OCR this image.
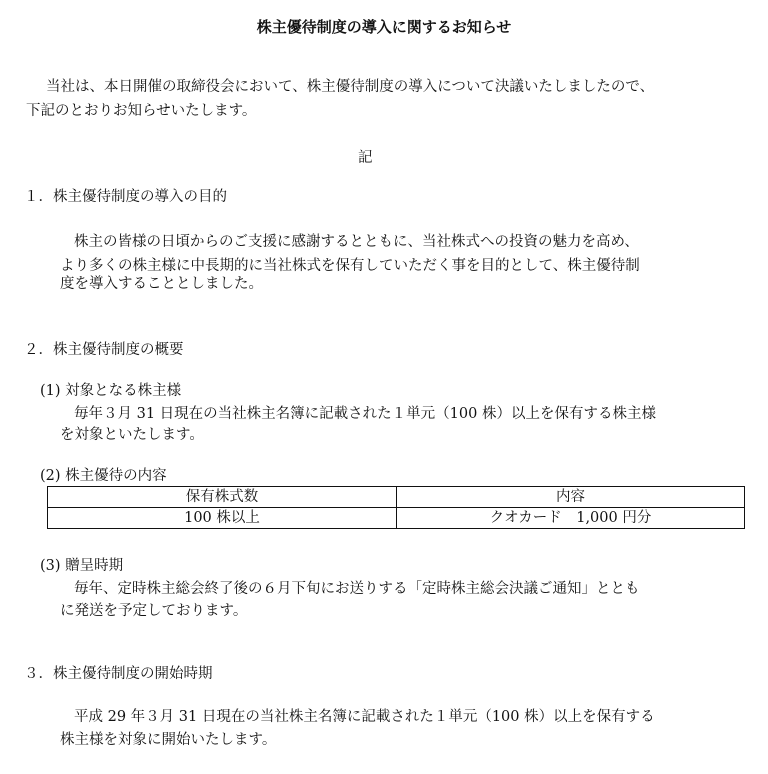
株主優待制度の導入に関するお知らせ
当社は、本日開催の取締役会において、株主優待制度の導入について決議いたしましたので、
下記のとおりお知らせいたします。
記
１．株主優待制度の導入の目的
株主の皆様の日頃からのご支援に感謝するとともに、当社株式への投資の魅力を高め、
より多くの株主様に中長期的に当社株式を保有していただく事を目的として、株主優待制
度を導入することとしました。
２．株主優待制度の概要
(1) 対象となる株主様
毎年３月 31 日現在の当社株主名簿に記載された１単元（100 株）以上を保有する株主様
を対象といたします。
(2) 株主優待の内容
保有株式数	内容
100 株以上	クオカード　1,000 円分
(3) 贈呈時期
毎年、定時株主総会終了後の６月下旬にお送りする「定時株主総会決議ご通知」ととも
に発送を予定しております。
３．株主優待制度の開始時期
平成 29 年３月 31 日現在の当社株主名簿に記載された１単元（100 株）以上を保有する
株主様を対象に開始いたします。
